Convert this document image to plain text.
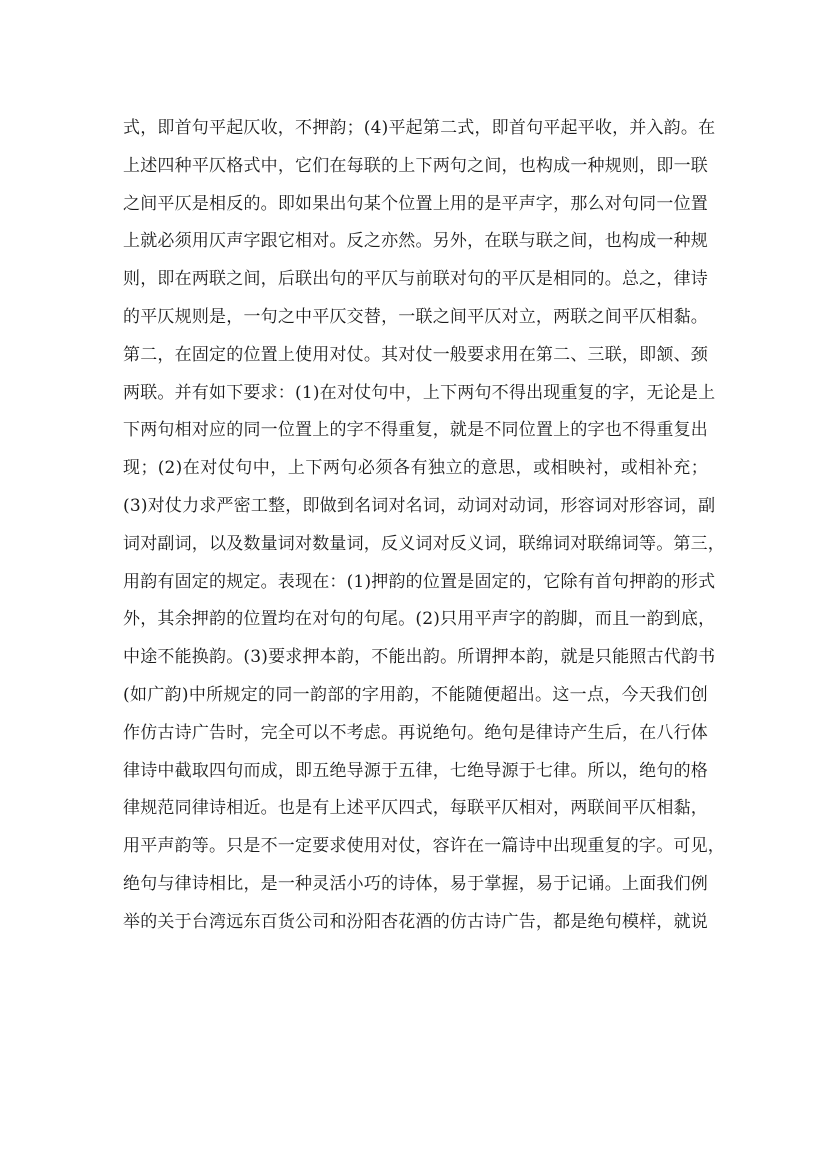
式，即首句平起仄收，不押韵；(4)平起第二式，即首句平起平收，并入韵。在
上述四种平仄格式中，它们在每联的上下两句之间，也构成一种规则，即一联
之间平仄是相反的。即如果出句某个位置上用的是平声字，那么对句同一位置
上就必须用仄声字跟它相对。反之亦然。另外，在联与联之间，也构成一种规
则，即在两联之间，后联出句的平仄与前联对句的平仄是相同的。总之，律诗
的平仄规则是，一句之中平仄交替，一联之间平仄对立，两联之间平仄相黏。
第二，在固定的位置上使用对仗。其对仗一般要求用在第二、三联，即颔、颈
两联。并有如下要求：(1)在对仗句中，上下两句不得出现重复的字，无论是上
下两句相对应的同一位置上的字不得重复，就是不同位置上的字也不得重复出
现；(2)在对仗句中，上下两句必须各有独立的意思，或相映衬，或相补充；
(3)对仗力求严密工整，即做到名词对名词，动词对动词，形容词对形容词，副
词对副词，以及数量词对数量词，反义词对反义词，联绵词对联绵词等。第三，
用韵有固定的规定。表现在：(1)押韵的位置是固定的，它除有首句押韵的形式
外，其余押韵的位置均在对句的句尾。(2)只用平声字的韵脚，而且一韵到底，
中途不能换韵。(3)要求押本韵，不能出韵。所谓押本韵，就是只能照古代韵书
(如广韵)中所规定的同一韵部的字用韵，不能随便超出。这一点，今天我们创
作仿古诗广告时，完全可以不考虑。再说绝句。绝句是律诗产生后，在八行体
律诗中截取四句而成，即五绝导源于五律，七绝导源于七律。所以，绝句的格
律规范同律诗相近。也是有上述平仄四式，每联平仄相对，两联间平仄相黏，
用平声韵等。只是不一定要求使用对仗，容许在一篇诗中出现重复的字。可见，
绝句与律诗相比，是一种灵活小巧的诗体，易于掌握，易于记诵。上面我们例
举的关于台湾远东百货公司和汾阳杏花酒的仿古诗广告，都是绝句模样，就说
